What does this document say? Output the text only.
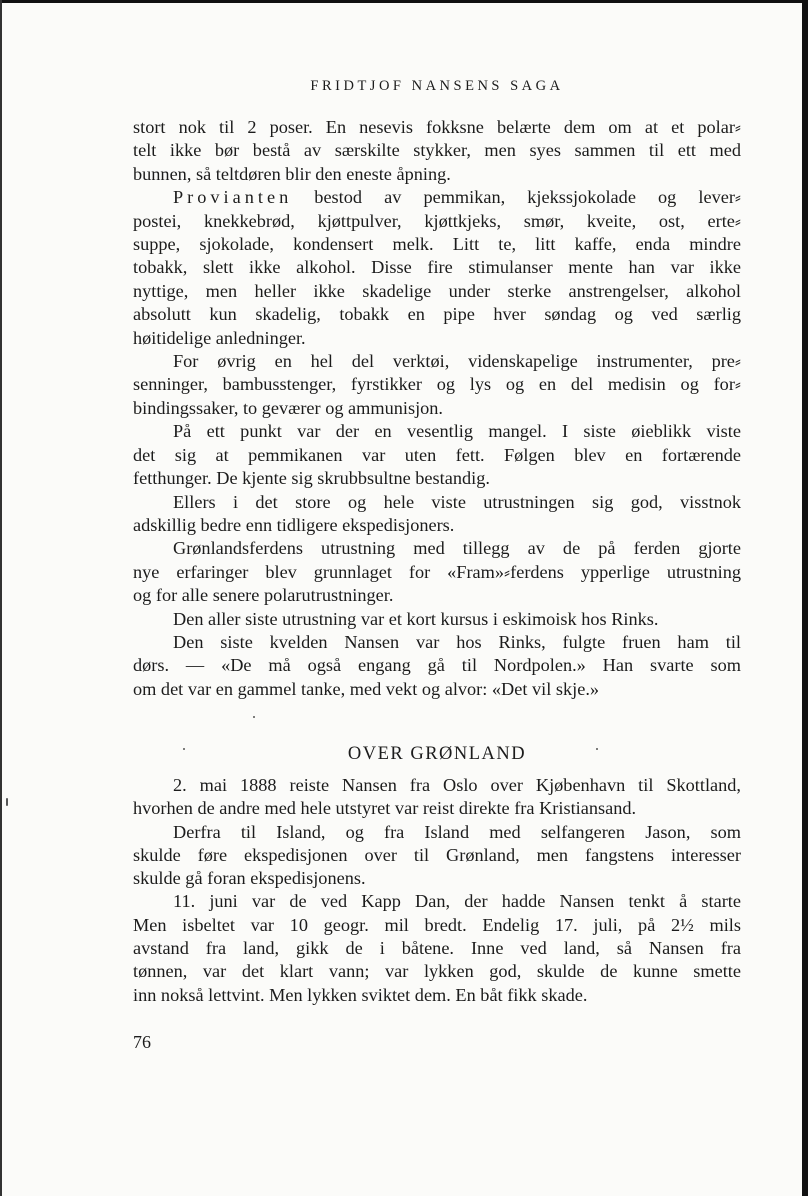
FRIDTJOF NANSENS SAGA

stort nok til 2 poser. En nesevis fokksne belærte dem om at et polar⸗

telt ikke bør bestå av særskilte stykker, men syes sammen til ett med

bunnen, så teltdøren blir den eneste åpning.

Provianten bestod av pemmikan, kjekssjokolade og lever⸗

postei, knekkebrød, kjøttpulver, kjøttkjeks, smør, kveite, ost, erte⸗

suppe, sjokolade, kondensert melk. Litt te, litt kaffe, enda mindre

tobakk, slett ikke alkohol. Disse fire stimulanser mente han var ikke

nyttige, men heller ikke skadelige under sterke anstrengelser, alkohol

absolutt kun skadelig, tobakk en pipe hver søndag og ved særlig

høitidelige anledninger.

For øvrig en hel del verktøi, videnskapelige instrumenter, pre⸗

senninger, bambusstenger, fyrstikker og lys og en del medisin og for⸗

bindingssaker, to geværer og ammunisjon.

På ett punkt var der en vesentlig mangel. I siste øieblikk viste

det sig at pemmikanen var uten fett. Følgen blev en fortærende

fetthunger. De kjente sig skrubbsultne bestandig.

Ellers i det store og hele viste utrustningen sig god, visstnok

adskillig bedre enn tidligere ekspedisjoners.

Grønlandsferdens utrustning med tillegg av de på ferden gjorte

nye erfaringer blev grunnlaget for «Fram»⸗ferdens ypperlige utrustning

og for alle senere polarutrustninger.

Den aller siste utrustning var et kort kursus i eskimoisk hos Rinks.

Den siste kvelden Nansen var hos Rinks, fulgte fruen ham til

dørs. — «De må også engang gå til Nordpolen.» Han svarte som

om det var en gammel tanke, med vekt og alvor: «Det vil skje.»

OVER GRØNLAND

2. mai 1888 reiste Nansen fra Oslo over Kjøbenhavn til Skottland,

hvorhen de andre med hele utstyret var reist direkte fra Kristiansand.

Derfra til Island, og fra Island med selfangeren Jason, som

skulde føre ekspedisjonen over til Grønland, men fangstens interesser

skulde gå foran ekspedisjonens.

11. juni var de ved Kapp Dan, der hadde Nansen tenkt å starte

Men isbeltet var 10 geogr. mil bredt. Endelig 17. juli, på 2½ mils

avstand fra land, gikk de i båtene. Inne ved land, så Nansen fra

tønnen, var det klart vann; var lykken god, skulde de kunne smette

inn nokså lettvint. Men lykken sviktet dem. En båt fikk skade.

76
